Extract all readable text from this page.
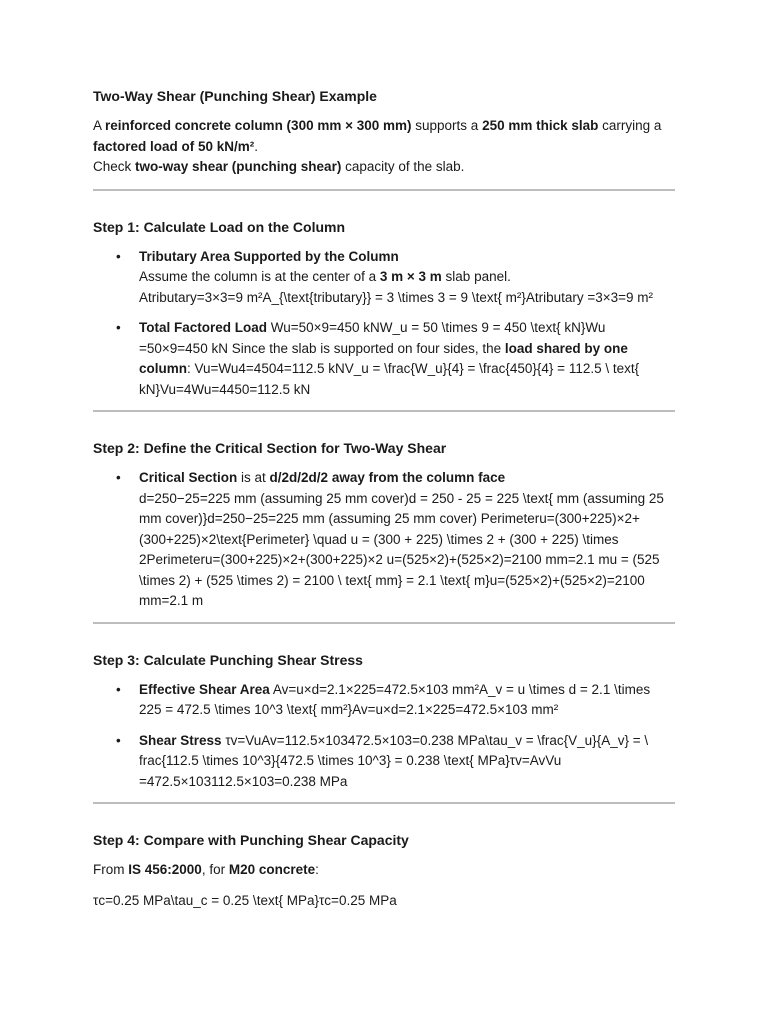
Two-Way Shear (Punching Shear) Example

A reinforced concrete column (300 mm × 300 mm) supports a 250 mm thick slab carrying a factored load of 50 kN/m².
Check two-way shear (punching shear) capacity of the slab.

Step 1: Calculate Load on the Column
• Tributary Area Supported by the Column
Assume the column is at the center of a 3 m × 3 m slab panel.
Atributary=3×3=9 m²A_{\text{tributary}} = 3 \times 3 = 9 \text{ m²}Atributary =3×3=9 m²
• Total Factored Load Wu=50×9=450 kNW_u = 50 \times 9 = 450 \text{ kN}Wu =50×9=450 kN Since the slab is supported on four sides, the load shared by one column: Vu=Wu4=4504=112.5 kNV_u = \frac{W_u}{4} = \frac{450}{4} = 112.5 \ text{ kN}Vu=4Wu=4450=112.5 kN
Step 2: Define the Critical Section for Two-Way Shear
• Critical Section is at d/2d/2d/2 away from the column face
d=250−25=225 mm (assuming 25 mm cover)d = 250 - 25 = 225 \text{ mm (assuming 25 mm cover)}d=250−25=225 mm (assuming 25 mm cover) Perimeteru=(300+225)×2+(300+225)×2\text{Perimeter} \quad u = (300 + 225) \times 2 + (300 + 225) \times 2Perimeteru=(300+225)×2+(300+225)×2 u=(525×2)+(525×2)=2100 mm=2.1 mu = (525 \times 2) + (525 \times 2) = 2100 \ text{ mm} = 2.1 \text{ m}u=(525×2)+(525×2)=2100 mm=2.1 m
Step 3: Calculate Punching Shear Stress
• Effective Shear Area Av=u×d=2.1×225=472.5×103 mm²A_v = u \times d = 2.1 \times 225 = 472.5 \times 10^3 \text{ mm²}Av=u×d=2.1×225=472.5×103 mm²
• Shear Stress τv=VuAv=112.5×103472.5×103=0.238 MPa\tau_v = \frac{V_u}{A_v} = \ frac{112.5 \times 10^3}{472.5 \times 10^3} = 0.238 \text{ MPa}τv=AvVu =472.5×103112.5×103=0.238 MPa
Step 4: Compare with Punching Shear Capacity

From IS 456:2000, for M20 concrete:

τc=0.25 MPa\tau_c = 0.25 \text{ MPa}τc=0.25 MPa
